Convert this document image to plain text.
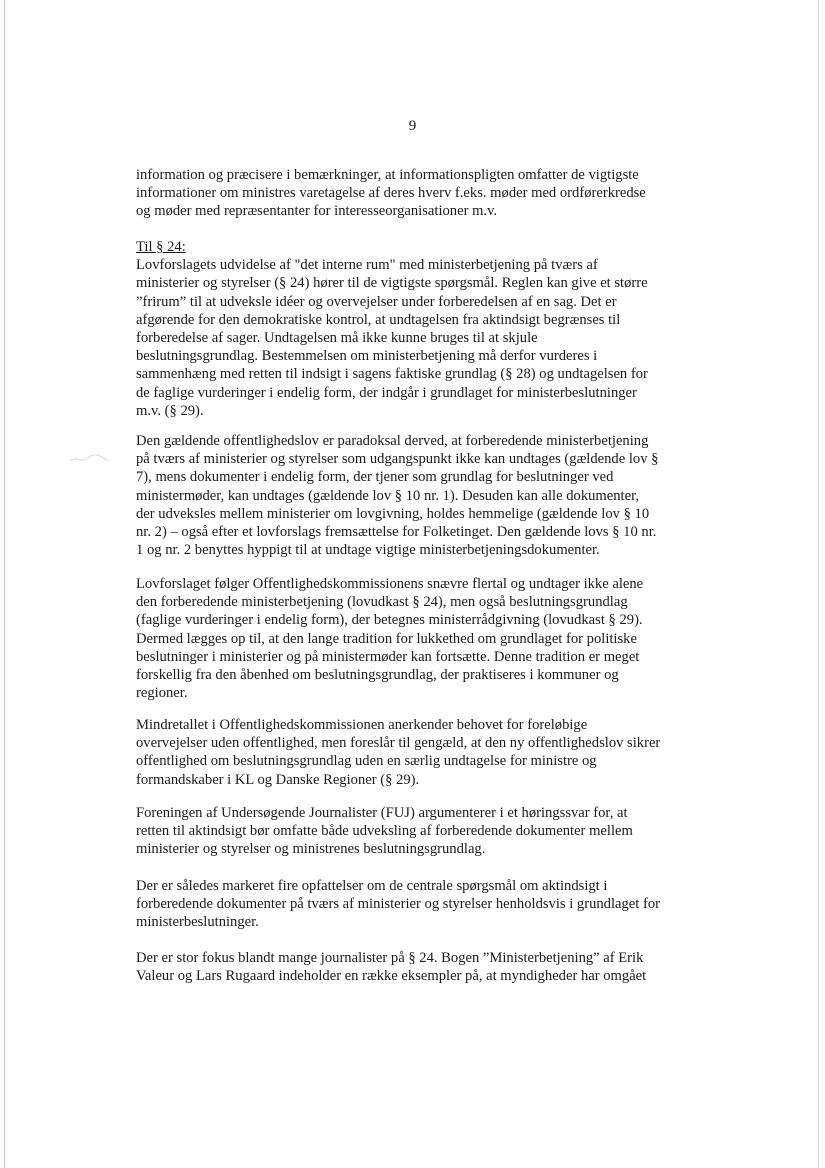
9

information og præcisere i bemærkninger, at informationspligten omfatter de vigtigste
informationer om ministres varetagelse af deres hverv f.eks. møder med ordførerkredse
og møder med repræsentanter for interesseorganisationer m.v.

Til § 24:
Lovforslagets udvidelse af "det interne rum" med ministerbetjening på tværs af
ministerier og styrelser (§ 24) hører til de vigtigste spørgsmål. Reglen kan give et større
”frirum” til at udveksle idéer og overvejelser under forberedelsen af en sag. Det er
afgørende for den demokratiske kontrol, at undtagelsen fra aktindsigt begrænses til
forberedelse af sager. Undtagelsen må ikke kunne bruges til at skjule
beslutningsgrundlag. Bestemmelsen om ministerbetjening må derfor vurderes i
sammenhæng med retten til indsigt i sagens faktiske grundlag (§ 28) og undtagelsen for
de faglige vurderinger i endelig form, der indgår i grundlaget for ministerbeslutninger
m.v. (§ 29).

Den gældende offentlighedslov er paradoksal derved, at forberedende ministerbetjening
på tværs af ministerier og styrelser som udgangspunkt ikke kan undtages (gældende lov §
7), mens dokumenter i endelig form, der tjener som grundlag for beslutninger ved
ministermøder, kan undtages (gældende lov § 10 nr. 1). Desuden kan alle dokumenter,
der udveksles mellem ministerier om lovgivning, holdes hemmelige (gældende lov § 10
nr. 2) – også efter et lovforslags fremsættelse for Folketinget. Den gældende lovs § 10 nr.
1 og nr. 2 benyttes hyppigt til at undtage vigtige ministerbetjeningsdokumenter.

Lovforslaget følger Offentlighedskommissionens snævre flertal og undtager ikke alene
den forberedende ministerbetjening (lovudkast § 24), men også beslutningsgrundlag
(faglige vurderinger i endelig form), der betegnes ministerrådgivning (lovudkast § 29).
Dermed lægges op til, at den lange tradition for lukkethed om grundlaget for politiske
beslutninger i ministerier og på ministermøder kan fortsætte. Denne tradition er meget
forskellig fra den åbenhed om beslutningsgrundlag, der praktiseres i kommuner og
regioner.

Mindretallet i Offentlighedskommissionen anerkender behovet for foreløbige
overvejelser uden offentlighed, men foreslår til gengæld, at den ny offentlighedslov sikrer
offentlighed om beslutningsgrundlag uden en særlig undtagelse for ministre og
formandskaber i KL og Danske Regioner (§ 29).

Foreningen af Undersøgende Journalister (FUJ) argumenterer i et høringssvar for, at
retten til aktindsigt bør omfatte både udveksling af forberedende dokumenter mellem
ministerier og styrelser og ministrenes beslutningsgrundlag.

Der er således markeret fire opfattelser om de centrale spørgsmål om aktindsigt i
forberedende dokumenter på tværs af ministerier og styrelser henholdsvis i grundlaget for
ministerbeslutninger.

Der er stor fokus blandt mange journalister på § 24. Bogen ”Ministerbetjening” af Erik
Valeur og Lars Rugaard indeholder en række eksempler på, at myndigheder har omgået
